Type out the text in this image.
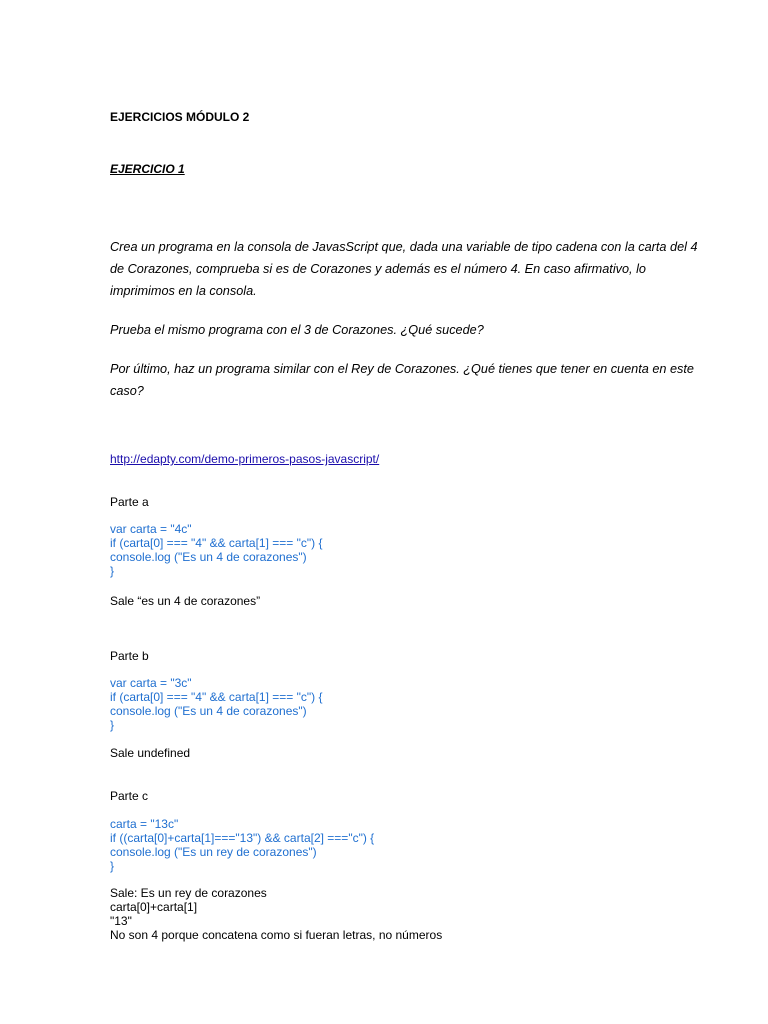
EJERCICIOS MÓDULO 2
EJERCICIO 1

Crea un programa en la consola de JavasScript que, dada una variable de tipo cadena con la carta del 4 de Corazones, comprueba si es de Corazones y además es el número 4. En caso afirmativo, lo imprimimos en la consola.

Prueba el mismo programa con el 3 de Corazones. ¿Qué sucede?

Por último, haz un programa similar con el Rey de Corazones. ¿Qué tienes que tener en cuenta en este caso?

http://edapty.com/demo-primeros-pasos-javascript/
Parte a
var carta = "4c"
if (carta[0] === "4" && carta[1] === "c") {
console.log ("Es un 4 de corazones")
}
Sale “es un 4 de corazones”
Parte b
var carta = "3c"
if (carta[0] === "4" && carta[1] === "c") {
console.log ("Es un 4 de corazones")
}
Sale undefined
Parte c
carta = "13c"
if ((carta[0]+carta[1]==="13") && carta[2] ==="c") {
console.log ("Es un rey de corazones")
}
Sale: Es un rey de corazones
carta[0]+carta[1]
"13"
No son 4 porque concatena como si fueran letras, no números
